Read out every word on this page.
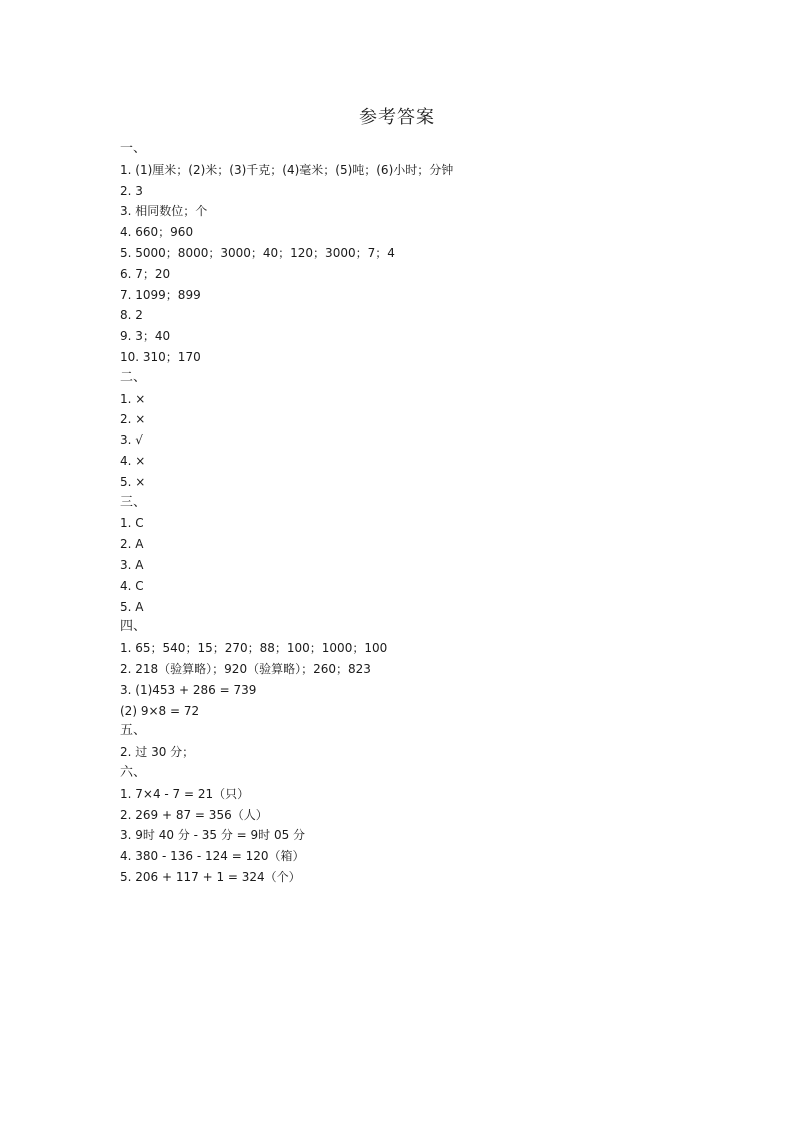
参考答案
一、
1. (1)厘米；(2)米；(3)千克；(4)毫米；(5)吨；(6)小时；分钟
2. 3
3. 相同数位；个
4. 660；960
5. 5000；8000；3000；40；120；3000；7；4
6. 7；20
7. 1099；899
8. 2
9. 3；40
10. 310；170
二、
1. ×
2. ×
3. √
4. ×
5. ×
三、
1. C
2. A
3. A
4. C
5. A
四、
1. 65；540；15；270；88；100；1000；100
2. 218（验算略）；920（验算略）；260；823
3. (1)453 + 286 = 739
(2) 9×8 = 72
五、
2. 过 30 分；
六、
1. 7×4 - 7 = 21（只）
2. 269 + 87 = 356（人）
3. 9时 40 分 - 35 分 = 9时 05 分
4. 380 - 136 - 124 = 120（箱）
5. 206 + 117 + 1 = 324（个）
